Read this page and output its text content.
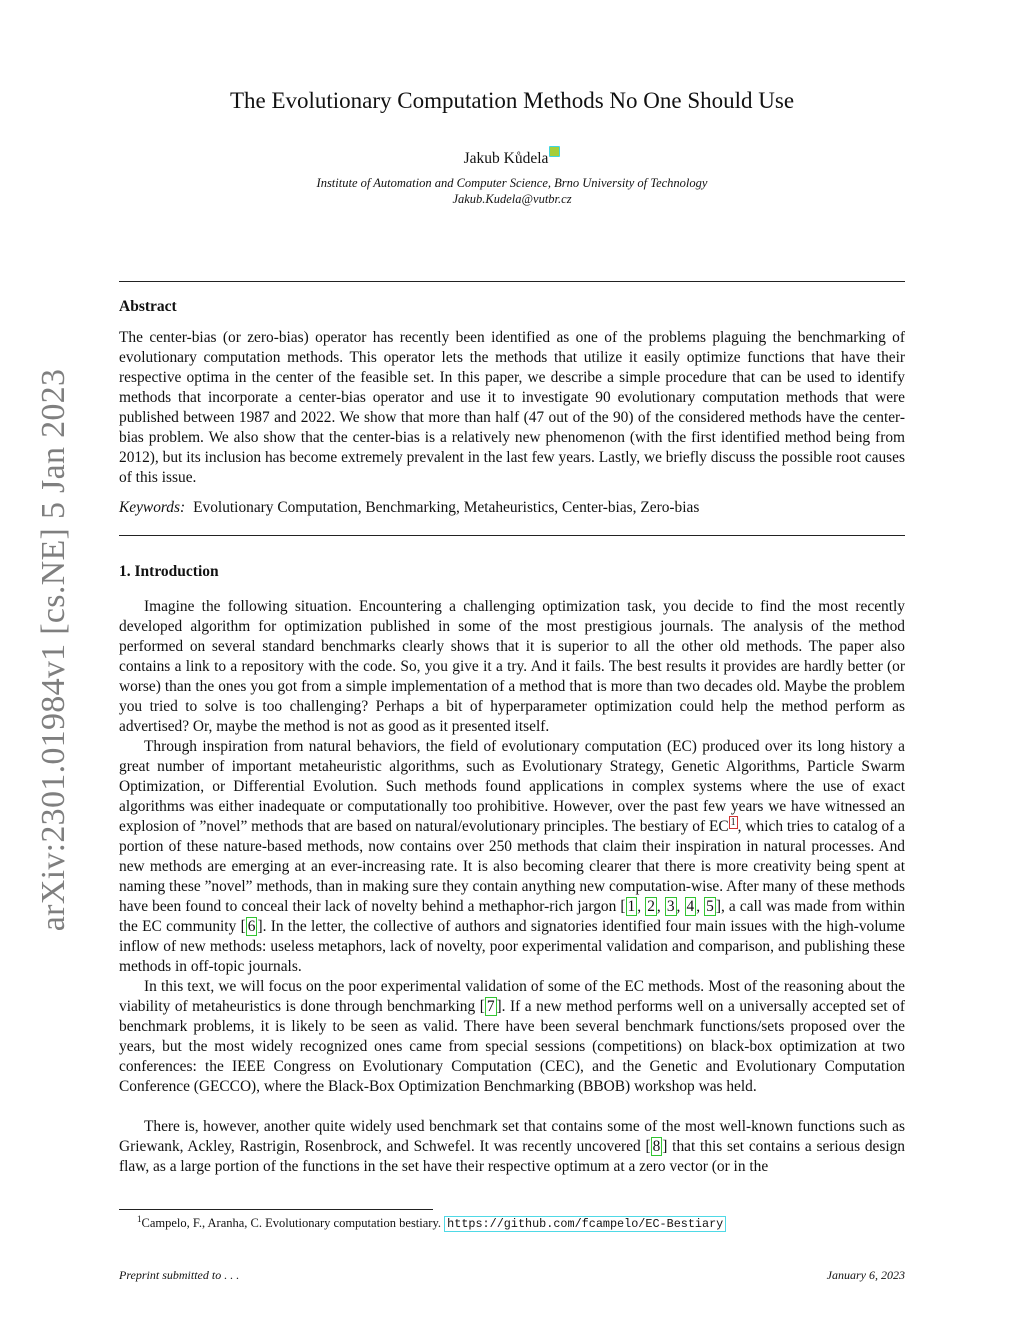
arXiv:2301.01984v1 [cs.NE] 5 Jan 2023
The Evolutionary Computation Methods No One Should Use
Jakub Kůdela
Institute of Automation and Computer Science, Brno University of Technology
Jakub.Kudela@vutbr.cz
Abstract

The center-bias (or zero-bias) operator has recently been identified as one of the problems plaguing the benchmarking of evolutionary computation methods. This operator lets the methods that utilize it easily optimize functions that have their respective optima in the center of the feasible set. In this paper, we describe a simple procedure that can be used to identify methods that incorporate a center-bias operator and use it to investigate 90 evolutionary computation methods that were published between 1987 and 2022. We show that more than half (47 out of the 90) of the considered methods have the center-bias problem. We also show that the center-bias is a relatively new phenomenon (with the first identified method being from 2012), but its inclusion has become extremely prevalent in the last few years. Lastly, we briefly discuss the possible root causes of this issue.

Keywords: Evolutionary Computation, Benchmarking, Metaheuristics, Center-bias, Zero-bias
1. Introduction

Imagine the following situation. Encountering a challenging optimization task, you decide to find the most recently developed algorithm for optimization published in some of the most prestigious journals. The analysis of the method performed on several standard benchmarks clearly shows that it is superior to all the other old methods. The paper also contains a link to a repository with the code. So, you give it a try. And it fails. The best results it provides are hardly better (or worse) than the ones you got from a simple implementation of a method that is more than two decades old. Maybe the problem you tried to solve is too challenging? Perhaps a bit of hyperparameter optimization could help the method perform as advertised? Or, maybe the method is not as good as it presented itself.

Through inspiration from natural behaviors, the field of evolutionary computation (EC) produced over its long history a great number of important metaheuristic algorithms, such as Evolutionary Strategy, Genetic Algorithms, Particle Swarm Optimization, or Differential Evolution. Such methods found applications in complex systems where the use of exact algorithms was either inadequate or computationally too prohibitive. However, over the past few years we have witnessed an explosion of ”novel” methods that are based on natural/evolutionary principles. The bestiary of EC $^1$ , which tries to catalog of a portion of these nature-based methods, now contains over 250 methods that claim their inspiration in natural processes. And new methods are emerging at an ever-increasing rate. It is also becoming clearer that there is more creativity being spent at naming these ”novel” methods, than in making sure they contain anything new computation-wise. After many of these methods have been found to conceal their lack of novelty behind a methaphor-rich jargon [ 1 , 2 , 3 , 4 , 5 ], a call was made from within the EC community [ 6 ]. In the letter, the collective of authors and signatories identified four main issues with the high-volume inflow of new methods: useless metaphors, lack of novelty, poor experimental validation and comparison, and publishing these methods in off-topic journals.

In this text, we will focus on the poor experimental validation of some of the EC methods. Most of the reasoning about the viability of metaheuristics is done through benchmarking [ 7 ]. If a new method performs well on a universally accepted set of benchmark problems, it is likely to be seen as valid. There have been several benchmark functions/sets proposed over the years, but the most widely recognized ones came from special sessions (competitions) on black-box optimization at two conferences: the IEEE Congress on Evolutionary Computation (CEC), and the Genetic and Evolutionary Computation Conference (GECCO), where the Black-Box Optimization Benchmarking (BBOB) workshop was held.

There is, however, another quite widely used benchmark set that contains some of the most well-known functions such as Griewank, Ackley, Rastrigin, Rosenbrock, and Schwefel. It was recently uncovered [ 8 ] that this set contains a serious design flaw, as a large portion of the functions in the set have their respective optimum at a zero vector (or in the

$^1$Campelo, F., Aranha, C. Evolutionary computation bestiary. https://github.com/fcampelo/EC-Bestiary
Preprint submitted to . . .	January 6, 2023
